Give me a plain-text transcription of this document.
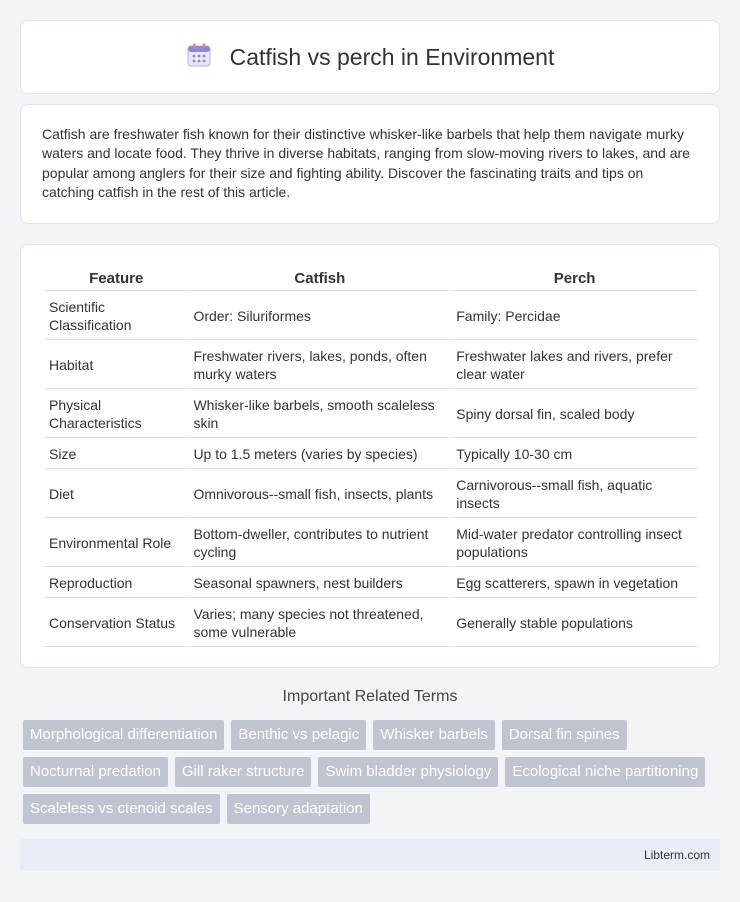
Catfish vs perch in Environment

Catfish are freshwater fish known for their distinctive whisker-like barbels that help them navigate murky waters and locate food. They thrive in diverse habitats, ranging from slow-moving rivers to lakes, and are popular among anglers for their size and fighting ability. Discover the fascinating traits and tips on catching catfish in the rest of this article.

Feature	Catfish	Perch
Scientific Classification	Order: Siluriformes	Family: Percidae
Habitat	Freshwater rivers, lakes, ponds, often murky waters	Freshwater lakes and rivers, prefer clear water
Physical Characteristics	Whisker-like barbels, smooth scaleless skin	Spiny dorsal fin, scaled body
Size	Up to 1.5 meters (varies by species)	Typically 10-30 cm
Diet	Omnivorous--small fish, insects, plants	Carnivorous--small fish, aquatic insects
Environmental Role	Bottom-dweller, contributes to nutrient cycling	Mid-water predator controlling insect populations
Reproduction	Seasonal spawners, nest builders	Egg scatterers, spawn in vegetation
Conservation Status	Varies; many species not threatened, some vulnerable	Generally stable populations
Important Related Terms
Morphological differentiation	Benthic vs pelagic	Whisker barbels	Dorsal fin spines
Nocturnal predation	Gill raker structure	Swim bladder physiology	Ecological niche partitioning
Scaleless vs ctenoid scales	Sensory adaptation
Libterm.com
